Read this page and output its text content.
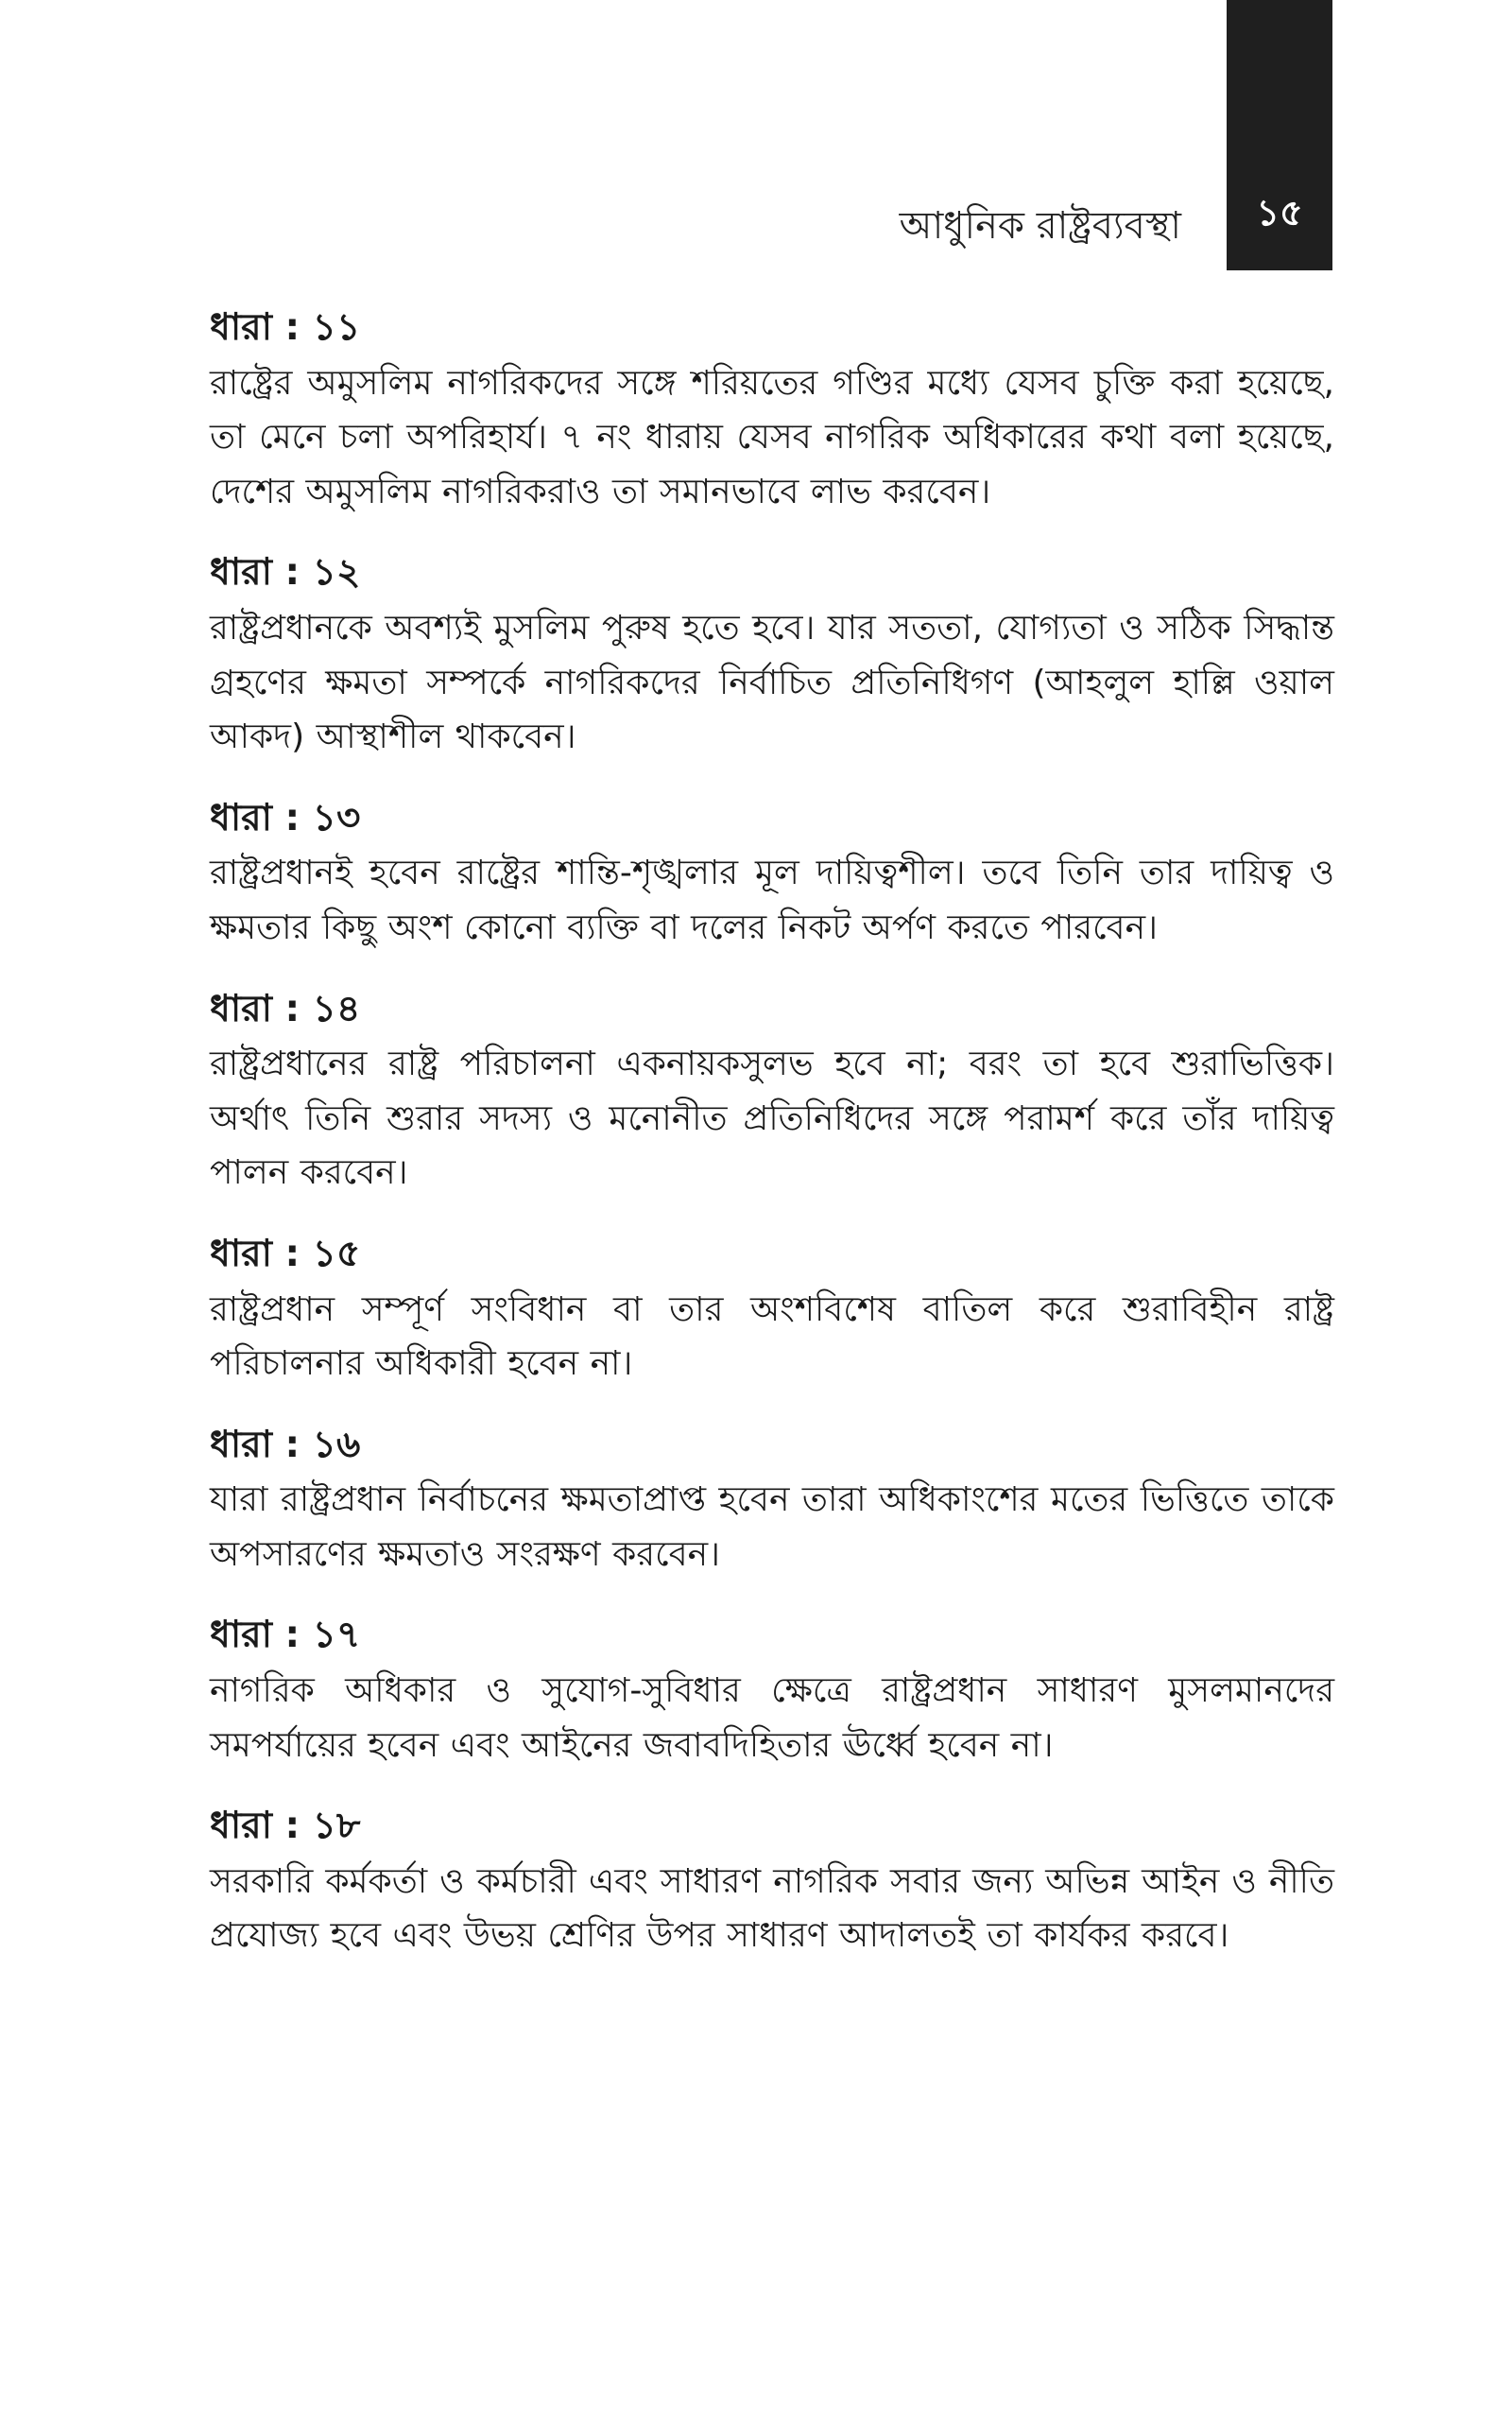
১৫
আধুনিক রাষ্ট্রব্যবস্থা
ধারা : ১১

রাষ্ট্রের অমুসলিম নাগরিকদের সঙ্গে শরিয়তের গণ্ডির মধ্যে যেসব চুক্তি করা হয়েছে, তা মেনে চলা অপরিহার্য। ৭ নং ধারায় যেসব নাগরিক অধিকারের কথা বলা হয়েছে, দেশের অমুসলিম নাগরিকরাও তা সমানভাবে লাভ করবেন।

ধারা : ১২

রাষ্ট্রপ্রধানকে অবশ্যই মুসলিম পুরুষ হতে হবে। যার সততা, যোগ্যতা ও সঠিক সিদ্ধান্ত গ্রহণের ক্ষমতা সম্পর্কে নাগরিকদের নির্বাচিত প্রতিনিধিগণ (আহলুল হাল্লি ওয়াল আকদ) আস্থাশীল থাকবেন।

ধারা : ১৩

রাষ্ট্রপ্রধানই হবেন রাষ্ট্রের শান্তি-শৃঙ্খলার মূল দায়িত্বশীল। তবে তিনি তার দায়িত্ব ও ক্ষমতার কিছু অংশ কোনো ব্যক্তি বা দলের নিকট অর্পণ করতে পারবেন।

ধারা : ১৪

রাষ্ট্রপ্রধানের রাষ্ট্র পরিচালনা একনায়কসুলভ হবে না; বরং তা হবে শুরাভিত্তিক। অর্থাৎ তিনি শুরার সদস্য ও মনোনীত প্রতিনিধিদের সঙ্গে পরামর্শ করে তাঁর দায়িত্ব পালন করবেন।

ধারা : ১৫

রাষ্ট্রপ্রধান সম্পূর্ণ সংবিধান বা তার অংশবিশেষ বাতিল করে শুরাবিহীন রাষ্ট্র পরিচালনার অধিকারী হবেন না।

ধারা : ১৬

যারা রাষ্ট্রপ্রধান নির্বাচনের ক্ষমতাপ্রাপ্ত হবেন তারা অধিকাংশের মতের ভিত্তিতে তাকে অপসারণের ক্ষমতাও সংরক্ষণ করবেন।

ধারা : ১৭

নাগরিক অধিকার ও সুযোগ-সুবিধার ক্ষেত্রে রাষ্ট্রপ্রধান সাধারণ মুসলমানদের সমপর্যায়ের হবেন এবং আইনের জবাবদিহিতার ঊর্ধ্বে হবেন না।

ধারা : ১৮

সরকারি কর্মকর্তা ও কর্মচারী এবং সাধারণ নাগরিক সবার জন্য অভিন্ন আইন ও নীতি প্রযোজ্য হবে এবং উভয় শ্রেণির উপর সাধারণ আদালতই তা কার্যকর করবে।
